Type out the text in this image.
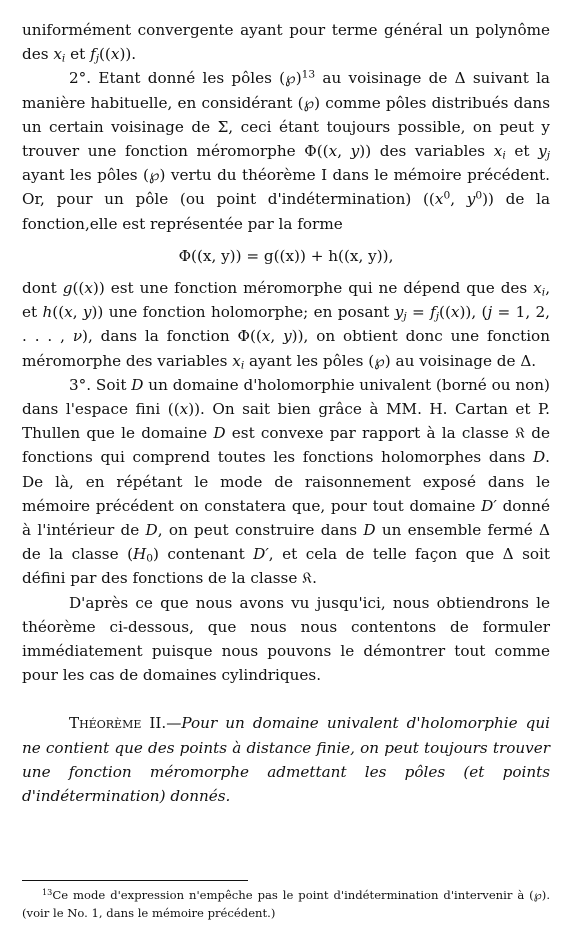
uniformément convergente ayant pour terme général un polynôme des $x_i$ et $f_j((x))$.

2°. Etant donné les pôles (℘)$^{13}$ au voisinage de Δ suivant la manière habituelle, en considérant (℘) comme pôles distribués dans un certain voisinage de Σ, ceci étant toujours possible, on peut y trouver une fonction méromorphe Φ((x, y)) des variables $x_i$ et $y_j$ ayant les pôles (℘) vertu du théorème I dans le mémoire précédent. Or, pour un pôle (ou point d'indétermination) (($x^0$, $y^0$)) de la fonction,elle est représentée par la forme

Φ((x, y)) = g((x)) + h((x, y)),

dont g((x)) est une fonction méromorphe qui ne dépend que des $x_i$, et h((x, y)) une fonction holomorphe; en posant $y_j = f_j((x))$, (j = 1, 2, . . . , ν), dans la fonction Φ((x, y)), on obtient donc une fonction méromorphe des variables $x_i$ ayant les pôles (℘) au voisinage de Δ.

3°. Soit D un domaine d'holomorphie univalent (borné ou non) dans l'espace fini ((x)). On sait bien grâce à MM. H. Cartan et P. Thullen que le domaine D est convexe par rapport à la classe 𝔎 de fonctions qui comprend toutes les fonctions holomorphes dans D. De là, en répétant le mode de raisonnement exposé dans le mémoire précédent on constatera que, pour tout domaine D′ donné à l'intérieur de D, on peut construire dans D un ensemble fermé Δ de la classe $(H_0)$ contenant D′, et cela de telle façon que Δ soit défini par des fonctions de la classe 𝔎.

D'après ce que nous avons vu jusqu'ici, nous obtiendrons le théorème ci-dessous, que nous nous contentons de formuler immédiatement puisque nous pouvons le démontrer tout comme pour les cas de domaines cylindriques.

Théorème II.—Pour un domaine univalent d'holomorphie qui ne contient que des points à distance finie, on peut toujours trouver une fonction méromorphe admettant les pôles (et points d'indétermination) donnés.

$^{13}$Ce mode d'expression n'empêche pas le point d'indétermination d'intervenir à (℘). (voir le No. 1, dans le mémoire précédent.)
